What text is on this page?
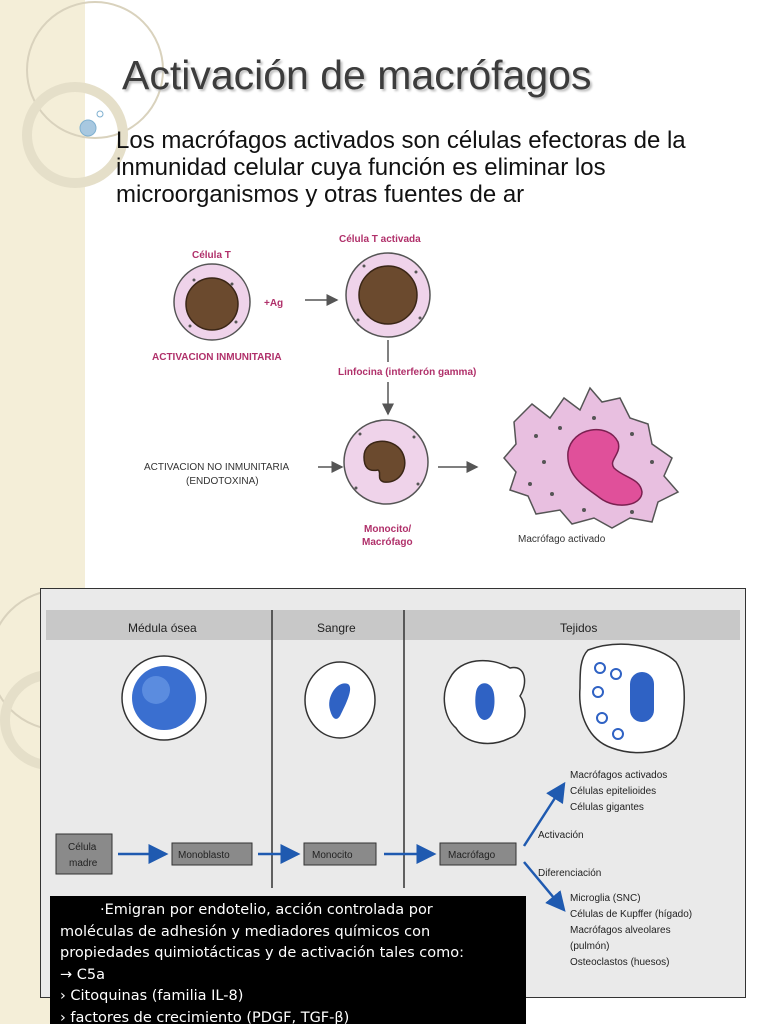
Activación de macrófagos
Los macrófagos activados son células efectoras de la inmunidad celular cuya función es eliminar los microorganismos y otras fuentes de ar
Célula T
Célula T activada
+Ag
ACTIVACION INMUNITARIA
Linfocina (interferón gamma)
ACTIVACION NO INMUNITARIA
(ENDOTOXINA)
Monocito/
Macrófago	Macrófago activado
Médula ósea	Sangre	Tejidos
Célula
madre
Monoblasto	Monocito	Macrófago
Activación
Diferenciación
Macrófagos activados
Células epitelioides
Células gigantes
Microglia (SNC)
Células de Kupffer (hígado)
Macrófagos alveolares
(pulmón)
Osteoclastos (huesos)
·Emigran por endotelio, acción controlada por
moléculas de adhesión y mediadores químicos con
propiedades quimiotácticas y de activación tales como:
→ C5a
› Citoquinas (familia IL-8)
› factores de crecimiento (PDGF, TGF-β)
